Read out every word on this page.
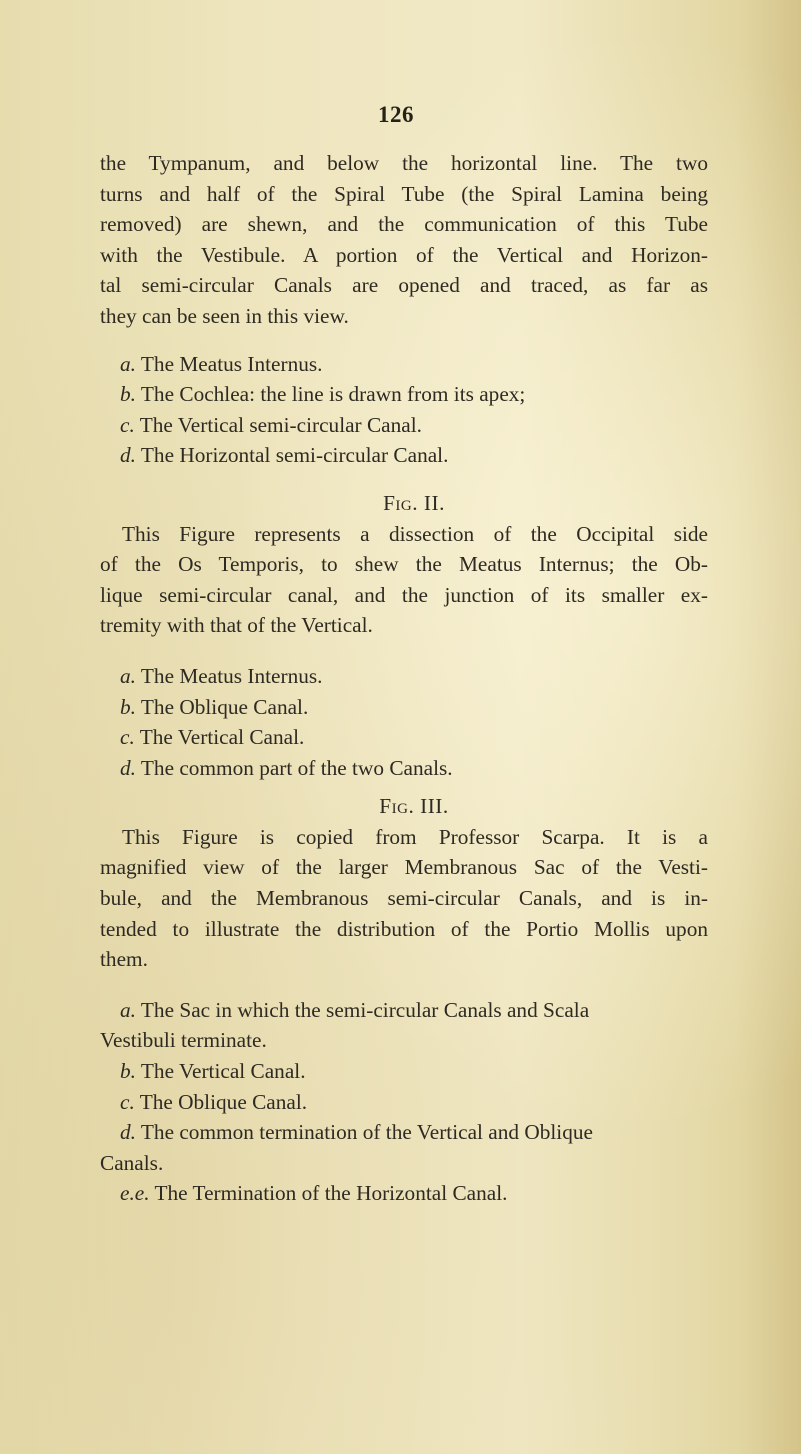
126

the Tympanum, and below the horizontal line. The two
turns and half of the Spiral Tube (the Spiral Lamina being
removed) are shewn, and the communication of this Tube
with the Vestibule. A portion of the Vertical and Horizon-
tal semi-circular Canals are opened and traced, as far as
they can be seen in this view.

a. The Meatus Internus.

b. The Cochlea: the line is drawn from its apex;

c. The Vertical semi-circular Canal.

d. The Horizontal semi-circular Canal.

Fig. II.

This Figure represents a dissection of the Occipital side
of the Os Temporis, to shew the Meatus Internus; the Ob-
lique semi-circular canal, and the junction of its smaller ex-
tremity with that of the Vertical.

a. The Meatus Internus.

b. The Oblique Canal.

c. The Vertical Canal.

d. The common part of the two Canals.

Fig. III.

This Figure is copied from Professor Scarpa. It is a
magnified view of the larger Membranous Sac of the Vesti-
bule, and the Membranous semi-circular Canals, and is in-
tended to illustrate the distribution of the Portio Mollis upon
them.

a. The Sac in which the semi-circular Canals and Scala
Vestibuli terminate.

b. The Vertical Canal.

c. The Oblique Canal.

d. The common termination of the Vertical and Oblique
Canals.

e.e. The Termination of the Horizontal Canal.
